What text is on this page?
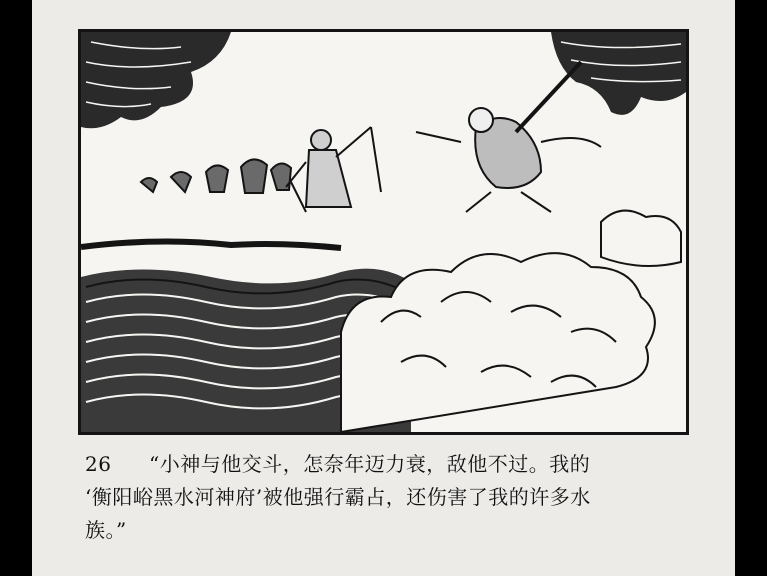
26 “小神与他交斗，怎奈年迈力衰，敌他不过。我的
‘衡阳峪黑水河神府’被他强行霸占，还伤害了我的许多水
族。”
